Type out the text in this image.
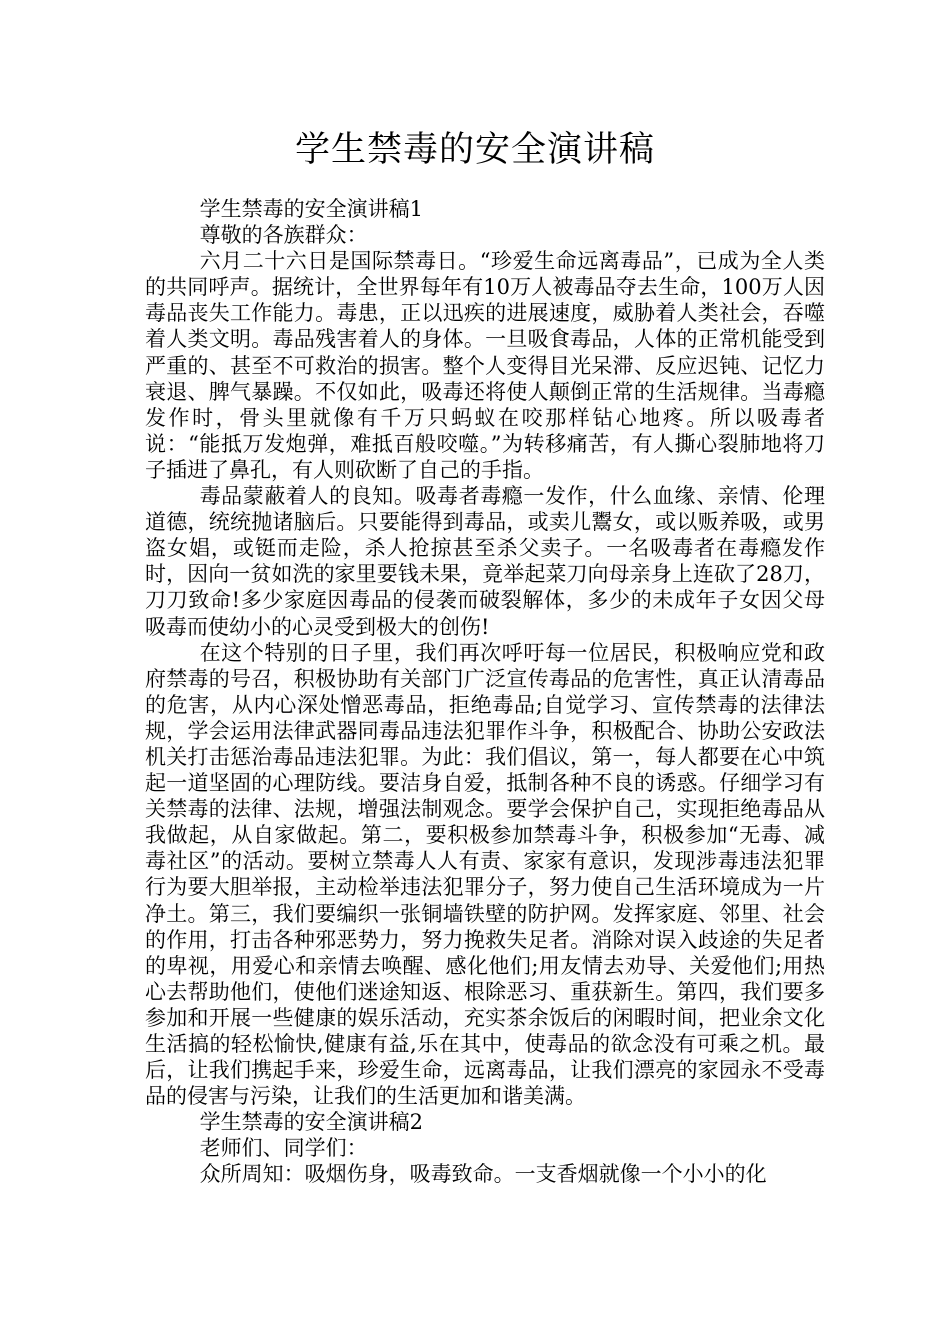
学生禁毒的安全演讲稿

学生禁毒的安全演讲稿1

尊敬的各族群众：

六月二十六日是国际禁毒日。“珍爱生命远离毒品”，已成为全人类的共同呼声。据统计，全世界每年有10万人被毒品夺去生命，100万人因毒品丧失工作能力。毒患，正以迅疾的进展速度，威胁着人类社会，吞噬着人类文明。毒品残害着人的身体。一旦吸食毒品，人体的正常机能受到严重的、甚至不可救治的损害。整个人变得目光呆滞、反应迟钝、记忆力衰退、脾气暴躁。不仅如此，吸毒还将使人颠倒正常的生活规律。当毒瘾发作时，骨头里就像有千万只蚂蚁在咬那样钻心地疼。所以吸毒者说：“能抵万发炮弹，难抵百般咬噬。”为转移痛苦，有人撕心裂肺地将刀子插进了鼻孔，有人则砍断了自己的手指。

毒品蒙蔽着人的良知。吸毒者毒瘾一发作，什么血缘、亲情、伦理道德，统统抛诸脑后。只要能得到毒品，或卖儿鬻女，或以贩养吸，或男盗女娼，或铤而走险，杀人抢掠甚至杀父卖子。一名吸毒者在毒瘾发作时，因向一贫如洗的家里要钱未果，竟举起菜刀向母亲身上连砍了28刀，刀刀致命!多少家庭因毒品的侵袭而破裂解体，多少的未成年子女因父母吸毒而使幼小的心灵受到极大的创伤!

在这个特别的日子里，我们再次呼吁每一位居民，积极响应党和政府禁毒的号召，积极协助有关部门广泛宣传毒品的危害性，真正认清毒品的危害，从内心深处憎恶毒品，拒绝毒品;自觉学习、宣传禁毒的法律法规，学会运用法律武器同毒品违法犯罪作斗争，积极配合、协助公安政法机关打击惩治毒品违法犯罪。为此：我们倡议，第一，每人都要在心中筑起一道坚固的心理防线。要洁身自爱，抵制各种不良的诱惑。仔细学习有关禁毒的法律、法规，增强法制观念。要学会保护自己，实现拒绝毒品从我做起，从自家做起。第二，要积极参加禁毒斗争，积极参加“无毒、减毒社区”的活动。要树立禁毒人人有责、家家有意识，发现涉毒违法犯罪行为要大胆举报，主动检举违法犯罪分子，努力使自己生活环境成为一片净土。第三，我们要编织一张铜墙铁壁的防护网。发挥家庭、邻里、社会的作用，打击各种邪恶势力，努力挽救失足者。消除对误入歧途的失足者的卑视，用爱心和亲情去唤醒、感化他们;用友情去劝导、关爱他们;用热心去帮助他们，使他们迷途知返、根除恶习、重获新生。第四，我们要多参加和开展一些健康的娱乐活动，充实茶余饭后的闲暇时间，把业余文化生活搞的轻松愉快,健康有益,乐在其中，使毒品的欲念没有可乘之机。最后，让我们携起手来，珍爱生命，远离毒品，让我们漂亮的家园永不受毒品的侵害与污染，让我们的生活更加和谐美满。

学生禁毒的安全演讲稿2

老师们、同学们：

众所周知：吸烟伤身，吸毒致命。一支香烟就像一个小小的化
